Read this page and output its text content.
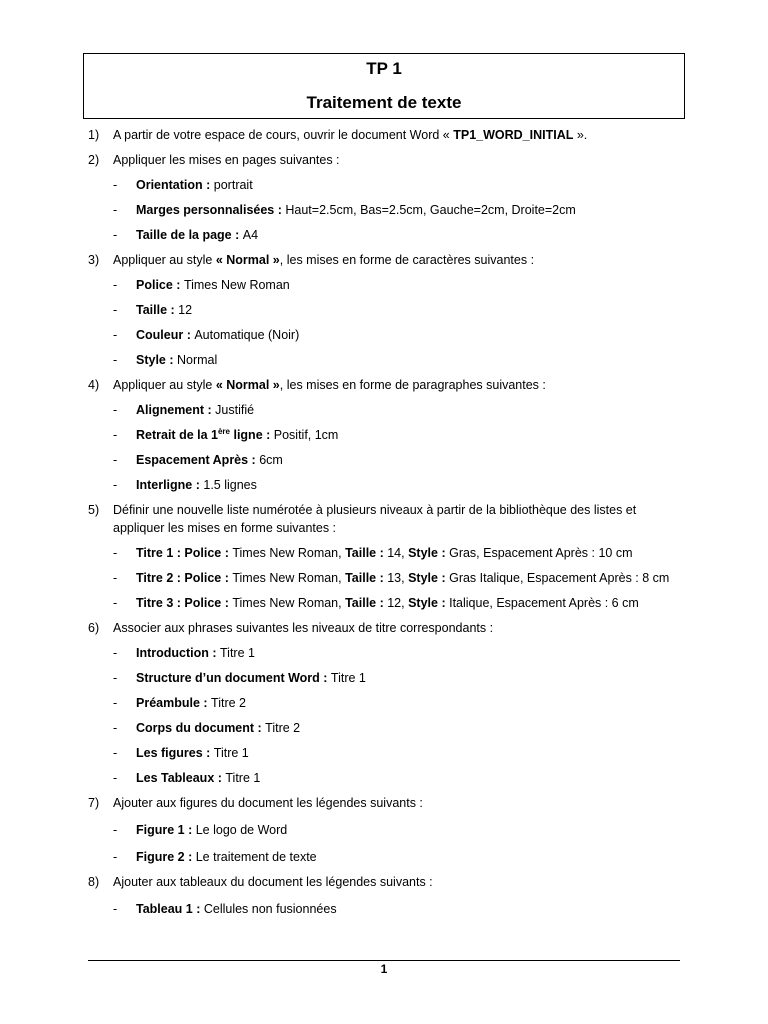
TP 1
Traitement de texte
1) A partir de votre espace de cours, ouvrir le document Word « TP1_WORD_INITIAL ».
2) Appliquer les mises en pages suivantes :
- Orientation : portrait
- Marges personnalisées : Haut=2.5cm, Bas=2.5cm, Gauche=2cm, Droite=2cm
- Taille de la page : A4
3) Appliquer au style « Normal », les mises en forme de caractères suivantes :
- Police : Times New Roman
- Taille : 12
- Couleur : Automatique (Noir)
- Style : Normal
4) Appliquer au style « Normal », les mises en forme de paragraphes suivantes :
- Alignement : Justifié
- Retrait de la 1ère ligne : Positif, 1cm
- Espacement Après : 6cm
- Interligne : 1.5 lignes
5) Définir une nouvelle liste numérotée à plusieurs niveaux à partir de la bibliothèque des listes et appliquer les mises en forme suivantes :
- Titre 1 : Police : Times New Roman, Taille : 14, Style : Gras, Espacement Après : 10 cm
- Titre 2 : Police : Times New Roman, Taille : 13, Style : Gras Italique, Espacement Après : 8 cm
- Titre 3 : Police : Times New Roman, Taille : 12, Style : Italique, Espacement Après : 6 cm
6) Associer aux phrases suivantes les niveaux de titre correspondants :
- Introduction : Titre 1
- Structure d’un document Word : Titre 1
- Préambule : Titre 2
- Corps du document : Titre 2
- Les figures : Titre 1
- Les Tableaux : Titre 1
7) Ajouter aux figures du document les légendes suivants :
- Figure 1 : Le logo de Word
- Figure 2 : Le traitement de texte
8) Ajouter aux tableaux du document les légendes suivants :
- Tableau 1 : Cellules non fusionnées
1
